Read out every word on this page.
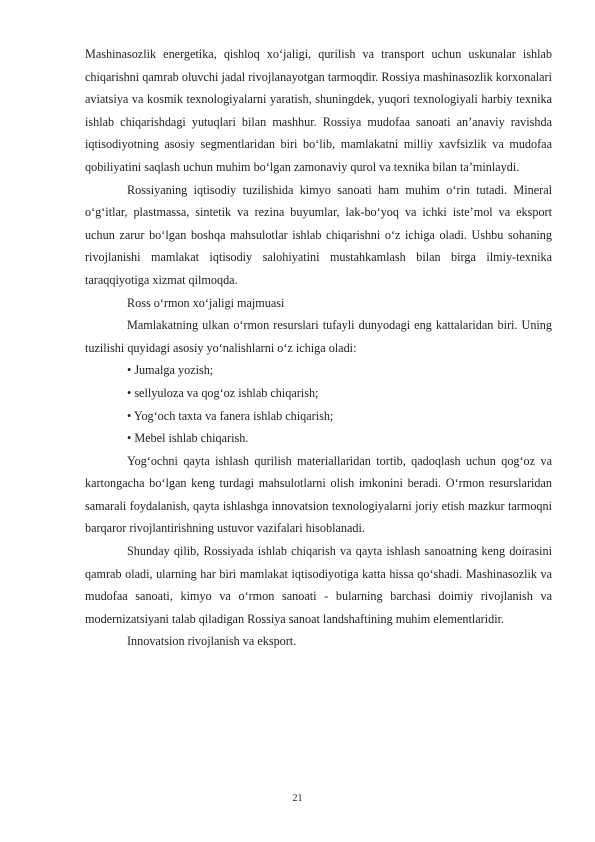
Mashinasozlik energetika, qishloq xo‘jaligi, qurilish va transport uchun uskunalar ishlab chiqarishni qamrab oluvchi jadal rivojlanayotgan tarmoqdir. Rossiya mashinasozlik korxonalari aviatsiya va kosmik texnologiyalarni yaratish, shuningdek, yuqori texnologiyali harbiy texnika ishlab chiqarishdagi yutuqlari bilan mashhur. Rossiya mudofaa sanoati an’anaviy ravishda iqtisodiyotning asosiy segmentlaridan biri bo‘lib, mamlakatni milliy xavfsizlik va mudofaa qobiliyatini saqlash uchun muhim bo‘lgan zamonaviy qurol va texnika bilan ta’minlaydi.

Rossiyaning iqtisodiy tuzilishida kimyo sanoati ham muhim o‘rin tutadi. Mineral o‘g‘itlar, plastmassa, sintetik va rezina buyumlar, lak-bo‘yoq va ichki iste’mol va eksport uchun zarur bo‘lgan boshqa mahsulotlar ishlab chiqarishni o‘z ichiga oladi. Ushbu sohaning rivojlanishi mamlakat iqtisodiy salohiyatini mustahkamlash bilan birga ilmiy-texnika taraqqiyotiga xizmat qilmoqda.

Ross o‘rmon xo‘jaligi majmuasi

Mamlakatning ulkan o‘rmon resurslari tufayli dunyodagi eng kattalaridan biri. Uning tuzilishi quyidagi asosiy yo‘nalishlarni o‘z ichiga oladi:

• Jumalga yozish;

• sellyuloza va qog‘oz ishlab chiqarish;

• Yog‘och taxta va fanera ishlab chiqarish;

• Mebel ishlab chiqarish.

Yog‘ochni qayta ishlash qurilish materiallaridan tortib, qadoqlash uchun qog‘oz va kartongacha bo‘lgan keng turdagi mahsulotlarni olish imkonini beradi. O‘rmon resurslaridan samarali foydalanish, qayta ishlashga innovatsion texnologiyalarni joriy etish mazkur tarmoqni barqaror rivojlantirishning ustuvor vazifalari hisoblanadi.

Shunday qilib, Rossiyada ishlab chiqarish va qayta ishlash sanoatning keng doirasini qamrab oladi, ularning har biri mamlakat iqtisodiyotiga katta hissa qo‘shadi. Mashinasozlik va mudofaa sanoati, kimyo va o‘rmon sanoati - bularning barchasi doimiy rivojlanish va modernizatsiyani talab qiladigan Rossiya sanoat landshaftining muhim elementlaridir.

Innovatsion rivojlanish va eksport.

21
